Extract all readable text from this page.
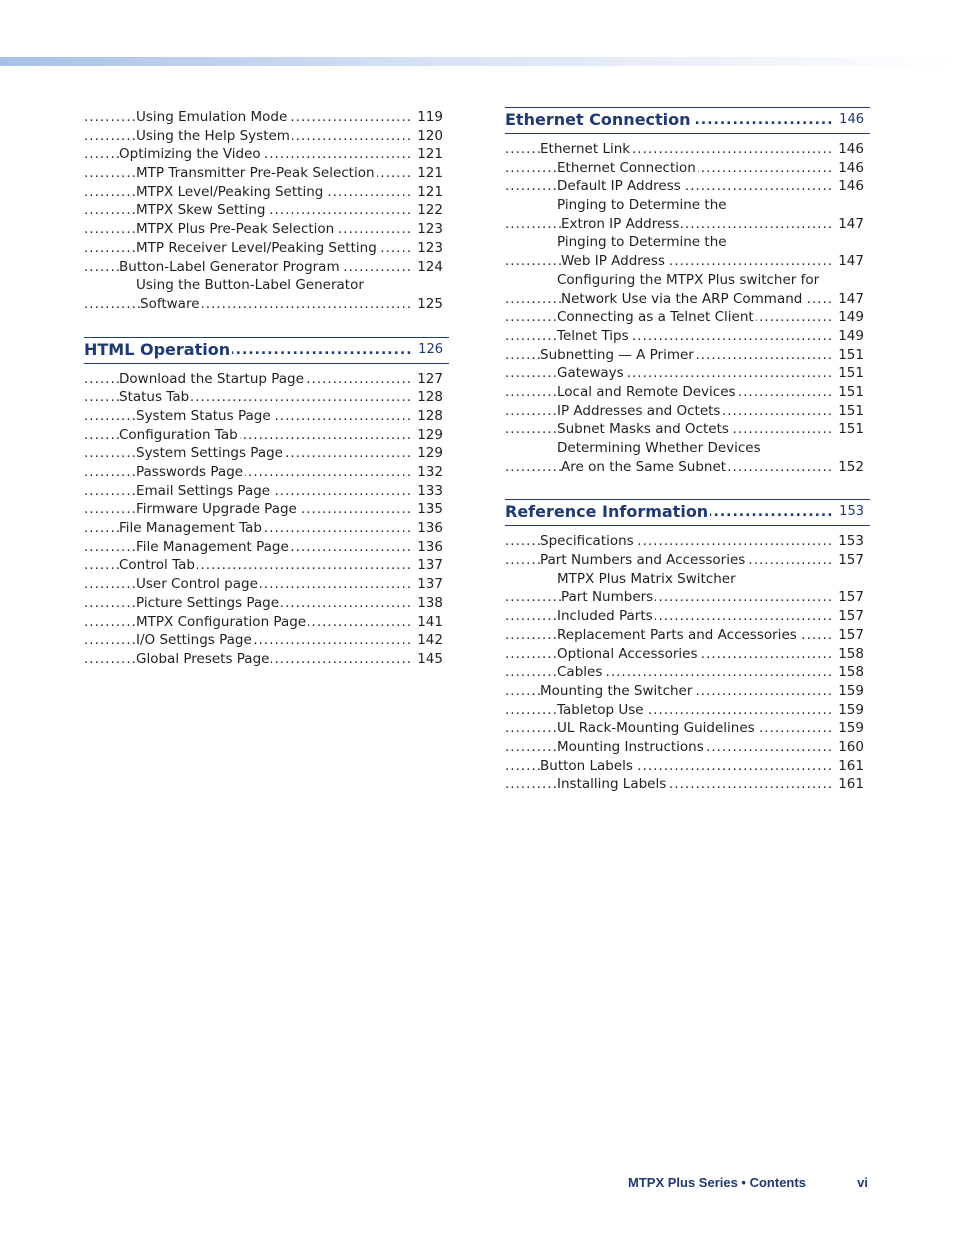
.....
Using Emulation Mode	119
.....
Using the Help System	120
.....
Optimizing the Video	121
.....
MTP Transmitter Pre-Peak Selection	121
.....
MTPX Level/Peaking Setting	121
.....
MTPX Skew Setting	122
.....
MTPX Plus Pre-Peak Selection	123
.....
MTP Receiver Level/Peaking Setting	123
.....
Button-Label Generator Program	124
Using the Button-Label Generator
.....
Software	125
.....
HTML Operation	126
.....
Download the Startup Page	127
.....
Status Tab	128
.....
System Status Page	128
.....
Configuration Tab	129
.....
System Settings Page	129
.....
Passwords Page	132
.....
Email Settings Page	133
.....
Firmware Upgrade Page	135
.....
File Management Tab	136
.....
File Management Page	136
.....
Control Tab	137
.....
User Control page	137
.....
Picture Settings Page	138
.....
MTPX Configuration Page	141
.....
I/O Settings Page	142
.....
Global Presets Page	145
.....
Ethernet Connection	146
.....
Ethernet Link	146
.....
Ethernet Connection	146
.....
Default IP Address	146
Pinging to Determine the
.....
Extron IP Address	147
Pinging to Determine the
.....
Web IP Address	147
Configuring the MTPX Plus switcher for
.....
Network Use via the ARP Command	147
.....
Connecting as a Telnet Client	149
.....
Telnet Tips	149
.....
Subnetting — A Primer	151
.....
Gateways	151
.....
Local and Remote Devices	151
.....
IP Addresses and Octets	151
.....
Subnet Masks and Octets	151
Determining Whether Devices
.....
Are on the Same Subnet	152
.....
Reference Information	153
.....
Specifications	153
.....
Part Numbers and Accessories	157
MTPX Plus Matrix Switcher
.....
Part Numbers	157
.....
Included Parts	157
.....
Replacement Parts and Accessories	157
.....
Optional Accessories	158
.....
Cables	158
.....
Mounting the Switcher	159
.....
Tabletop Use	159
.....
UL Rack-Mounting Guidelines	159
.....
Mounting Instructions	160
.....
Button Labels	161
.....
Installing Labels	161
MTPX Plus Series • Contents	vi
